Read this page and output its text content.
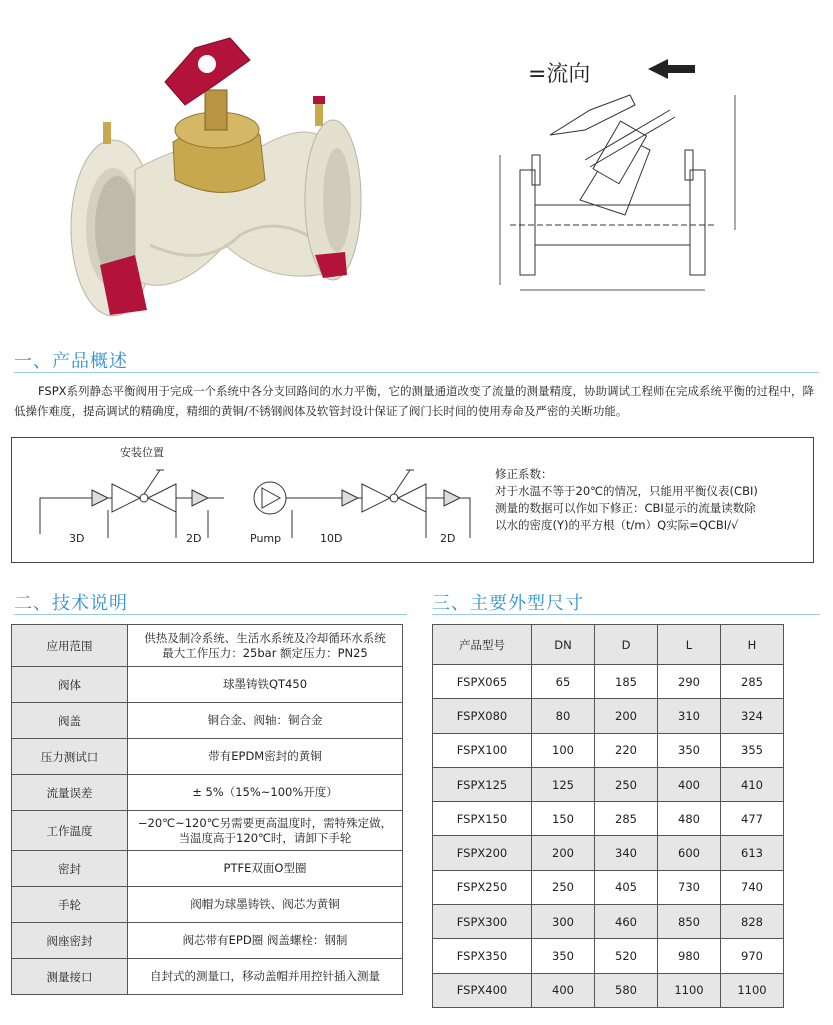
=流向
一、产品概述
FSPX系列静态平衡阀用于完成一个系统中各分支回路间的水力平衡，它的测量通道改变了流量的测量精度，协助调试工程师在完成系统平衡的过程中，降低操作难度，提高调试的精确度，精细的黄铜/不锈钢阀体及软管封设计保证了阀门长时间的使用寿命及严密的关断功能。
安装位置
3D	2D	Pump	10D	2D
修正系数：
对于水温不等于20℃的情况，只能用平衡仪表(CBI)
测量的数据可以作如下修正：CBI显示的流量读数除
以水的密度(Y)的平方根（t/m）Q实际=QCBI/√
二、技术说明
应用范围	供热及制冷系统、生活水系统及冷却循环水系统
最大工作压力：25bar 额定压力：PN25

阀体	球墨铸铁QT450

阀盖	铜合金、阀轴：铜合金

压力测试口	带有EPDM密封的黄铜

流量误差	± 5%（15%~100%开度）

工作温度	−20℃~120℃另需要更高温度时，需特殊定做，
当温度高于120℃时，请卸下手轮

密封	PTFE双面O型圈

手轮	阀帽为球墨铸铁、阀芯为黄铜

阀座密封	阀芯带有EPD圈 阀盖螺栓：钢制

测量接口	自封式的测量口，移动盖帽并用控针插入测量
三、主要外型尺寸
产品型号	DN	D	L	H
FSPX065	65	185	290	285
FSPX080	80	200	310	324
FSPX100	100	220	350	355
FSPX125	125	250	400	410
FSPX150	150	285	480	477
FSPX200	200	340	600	613
FSPX250	250	405	730	740
FSPX300	300	460	850	828
FSPX350	350	520	980	970
FSPX400	400	580	1100	1100
